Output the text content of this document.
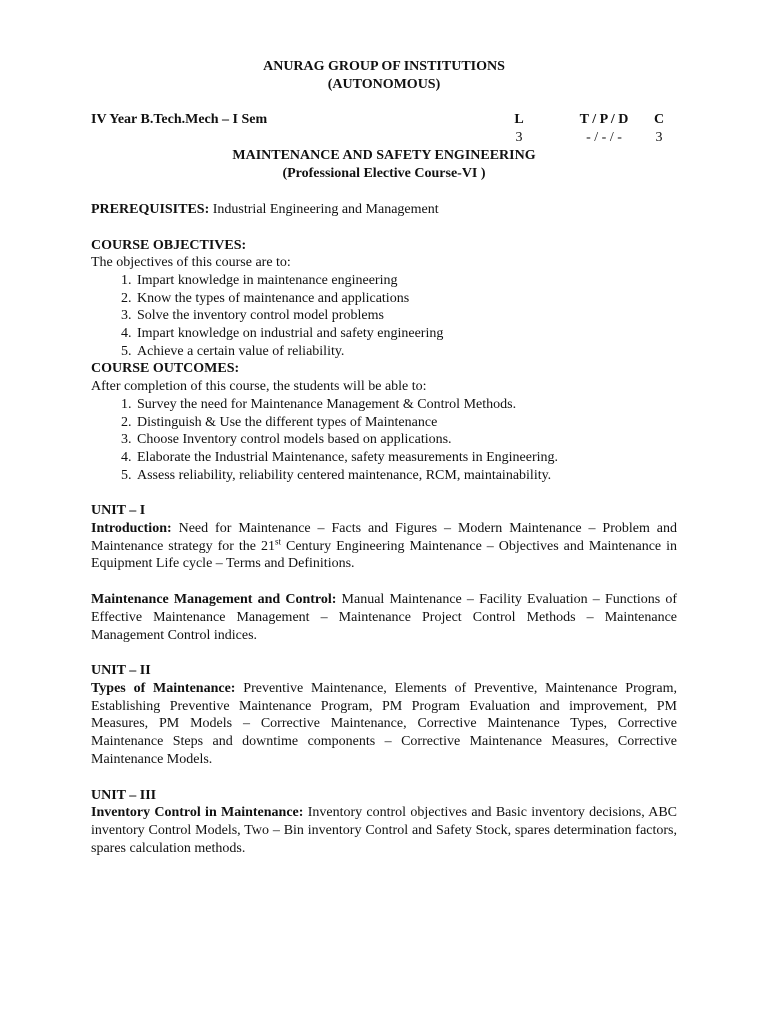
ANURAG GROUP OF INSTITUTIONS
(AUTONOMOUS)
IV Year B.Tech.Mech – I Sem	L
3
T / P / D
- / - / -
C
3
MAINTENANCE AND SAFETY ENGINEERING
(Professional Elective Course-VI )
PREREQUISITES: Industrial Engineering and Management
COURSE OBJECTIVES:
The objectives of this course are to:
1. Impart knowledge in maintenance engineering
2. Know the types of maintenance and applications
3. Solve the inventory control model problems
4. Impart knowledge on industrial and safety engineering
5. Achieve a certain value of reliability.
COURSE OUTCOMES:
After completion of this course, the students will be able to:
1. Survey the need for Maintenance Management & Control Methods.
2. Distinguish & Use the different types of Maintenance
3. Choose Inventory control models based on applications.
4. Elaborate the Industrial Maintenance, safety measurements in Engineering.
5. Assess reliability, reliability centered maintenance, RCM, maintainability.
UNIT – I
Introduction: Need for Maintenance – Facts and Figures – Modern Maintenance – Problem and Maintenance strategy for the 21st Century Engineering Maintenance – Objectives and Maintenance in Equipment Life cycle – Terms and Definitions.
Maintenance Management and Control: Manual Maintenance – Facility Evaluation – Functions of Effective Maintenance Management – Maintenance Project Control Methods – Maintenance Management Control indices.
UNIT – II
Types of Maintenance: Preventive Maintenance, Elements of Preventive, Maintenance Program, Establishing Preventive Maintenance Program, PM Program Evaluation and improvement, PM Measures, PM Models – Corrective Maintenance, Corrective Maintenance Types, Corrective Maintenance Steps and downtime components – Corrective Maintenance Measures, Corrective Maintenance Models.
UNIT – III
Inventory Control in Maintenance: Inventory control objectives and Basic inventory decisions, ABC inventory Control Models, Two – Bin inventory Control and Safety Stock, spares determination factors, spares calculation methods.
